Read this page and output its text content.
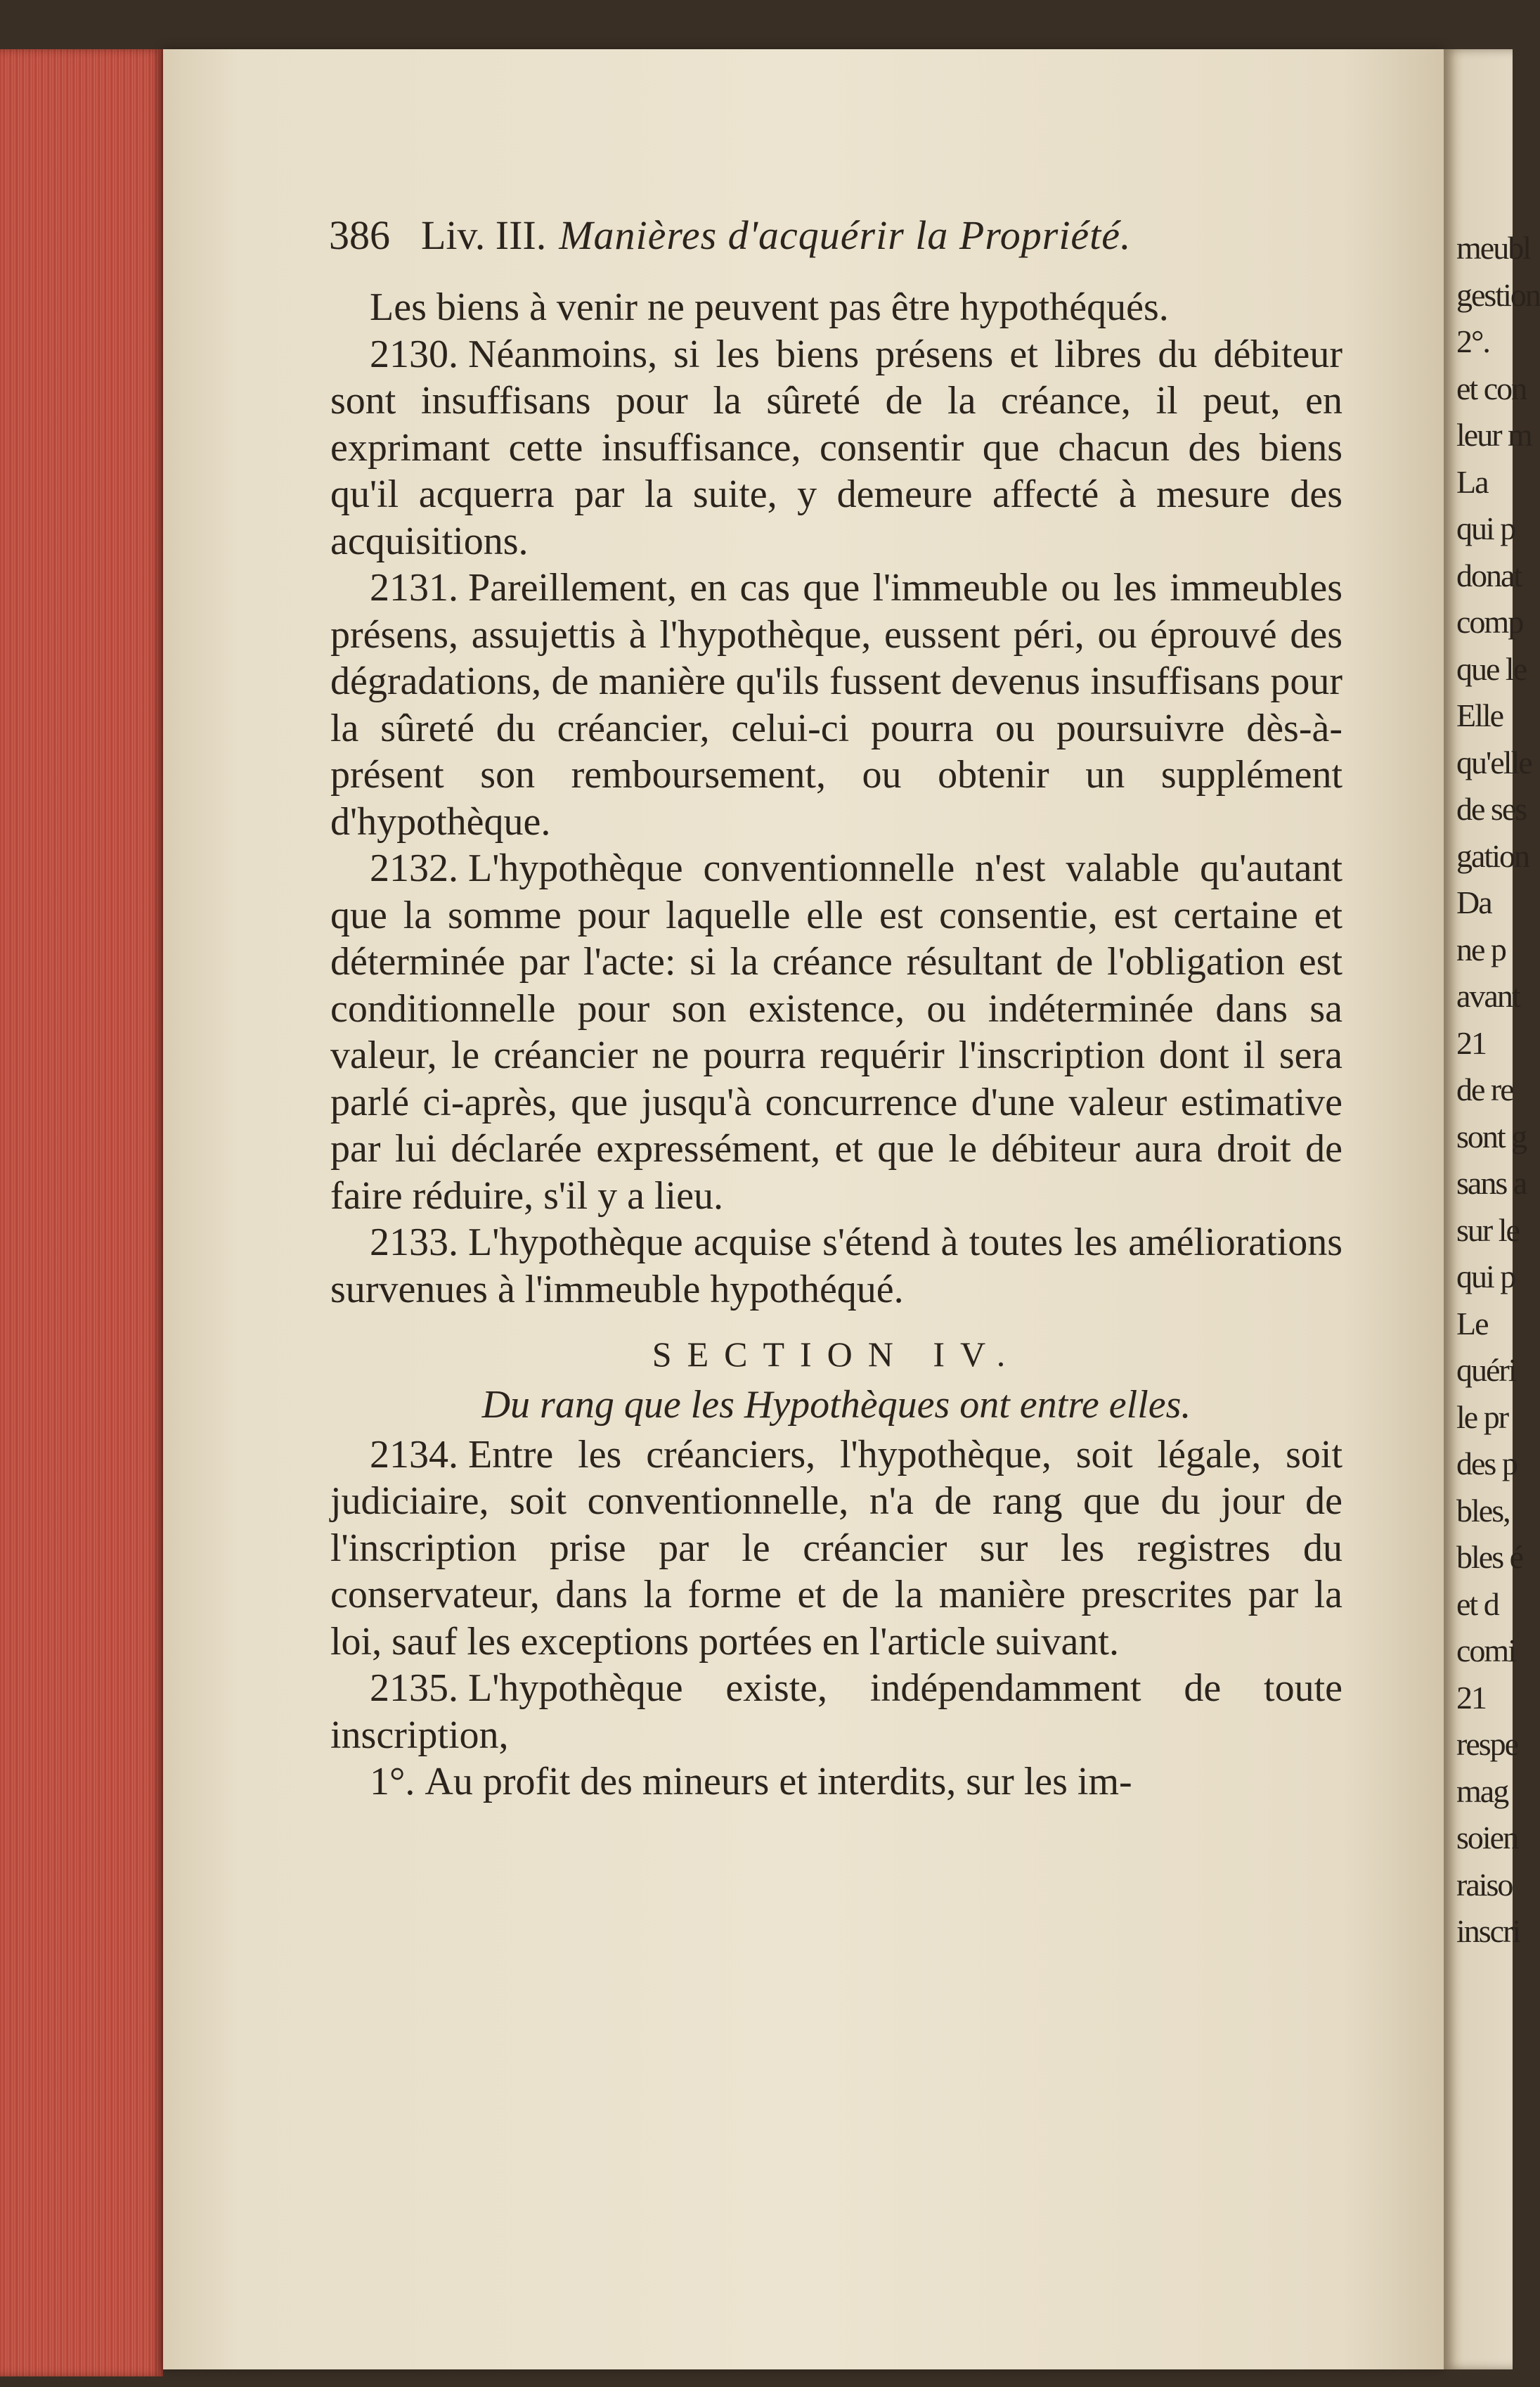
meubl
gestion
2°.
et con
leur m
La
qui p
donat
comp
que le
Elle
qu'elle
de ses
gation
Da
ne p
avant
21
de re
sont g
sans a
sur le
qui p
Le
quéri
le pr
des p
bles,
bles é
et d
comi
21
respe
mag
soien
raiso
inscri
386 Liv. III. Manières d'acquérir la Propriété.

Les biens à venir ne peuvent pas être hypothéqués.

2130. Néanmoins, si les biens présens et libres du débiteur sont insuffisans pour la sûreté de la créance, il peut, en exprimant cette insuffisance, consentir que chacun des biens qu'il acquerra par la suite, y demeure affecté à mesure des acquisitions.

2131. Pareillement, en cas que l'immeuble ou les immeubles présens, assujettis à l'hypothèque, eussent péri, ou éprouvé des dégradations, de manière qu'ils fussent devenus insuffisans pour la sûreté du créancier, celui-ci pourra ou poursuivre dès-à-présent son remboursement, ou obtenir un supplément d'hypothèque.

2132. L'hypothèque conventionnelle n'est valable qu'autant que la somme pour laquelle elle est consentie, est certaine et déterminée par l'acte: si la créance résultant de l'obligation est conditionnelle pour son existence, ou indéterminée dans sa valeur, le créancier ne pourra requérir l'inscription dont il sera parlé ci-après, que jusqu'à concurrence d'une valeur estimative par lui déclarée expressément, et que le débiteur aura droit de faire réduire, s'il y a lieu.

2133. L'hypothèque acquise s'étend à toutes les améliorations survenues à l'immeuble hypothéqué.

SECTION IV.

Du rang que les Hypothèques ont entre elles.

2134. Entre les créanciers, l'hypothèque, soit légale, soit judiciaire, soit conventionnelle, n'a de rang que du jour de l'inscription prise par le créancier sur les registres du conservateur, dans la forme et de la manière prescrites par la loi, sauf les exceptions portées en l'article suivant.

2135. L'hypothèque existe, indépendamment de toute inscription,

1°. Au profit des mineurs et interdits, sur les im-
